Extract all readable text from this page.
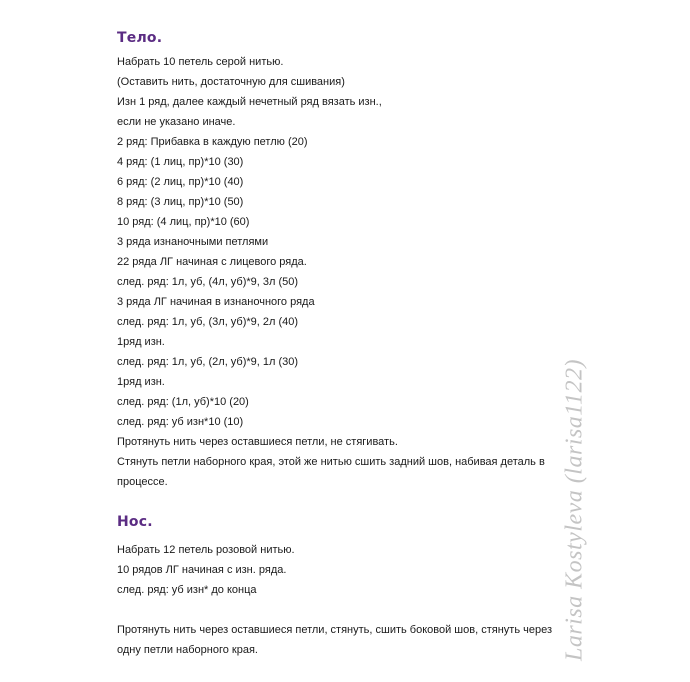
Тело.
Набрать 10 петель серой нитью.
(Оставить нить, достаточную для сшивания)
Изн 1 ряд, далее каждый нечетный ряд вязать изн.,
если не указано иначе.
2 ряд: Прибавка в каждую петлю (20)
4 ряд: (1 лиц, пр)*10 (30)
6 ряд: (2 лиц, пр)*10 (40)
8 ряд: (3 лиц, пр)*10 (50)
10 ряд: (4 лиц, пр)*10 (60)
3 ряда изнаночными петлями
22 ряда ЛГ начиная с лицевого ряда.
след. ряд: 1л, уб, (4л, уб)*9, 3л (50)
3 ряда ЛГ начиная в изнаночного ряда
след. ряд: 1л, уб, (3л, уб)*9, 2л (40)
1ряд изн.
след. ряд: 1л, уб, (2л, уб)*9, 1л (30)
1ряд изн.
след. ряд: (1л, уб)*10 (20)
след. ряд: уб изн*10 (10)
Протянуть нить через оставшиеся петли, не стягивать.
Стянуть петли наборного края, этой же нитью сшить задний шов, набивая деталь в
процессе.
Нос.
Набрать 12 петель розовой нитью.
10 рядов ЛГ начиная с изн. ряда.
след. ряд: уб изн* до конца
Протянуть нить через оставшиеся петли, стянуть, сшить боковой шов, стянуть через
одну петли наборного края.	Larisa Kostyleva (larisa1122)
